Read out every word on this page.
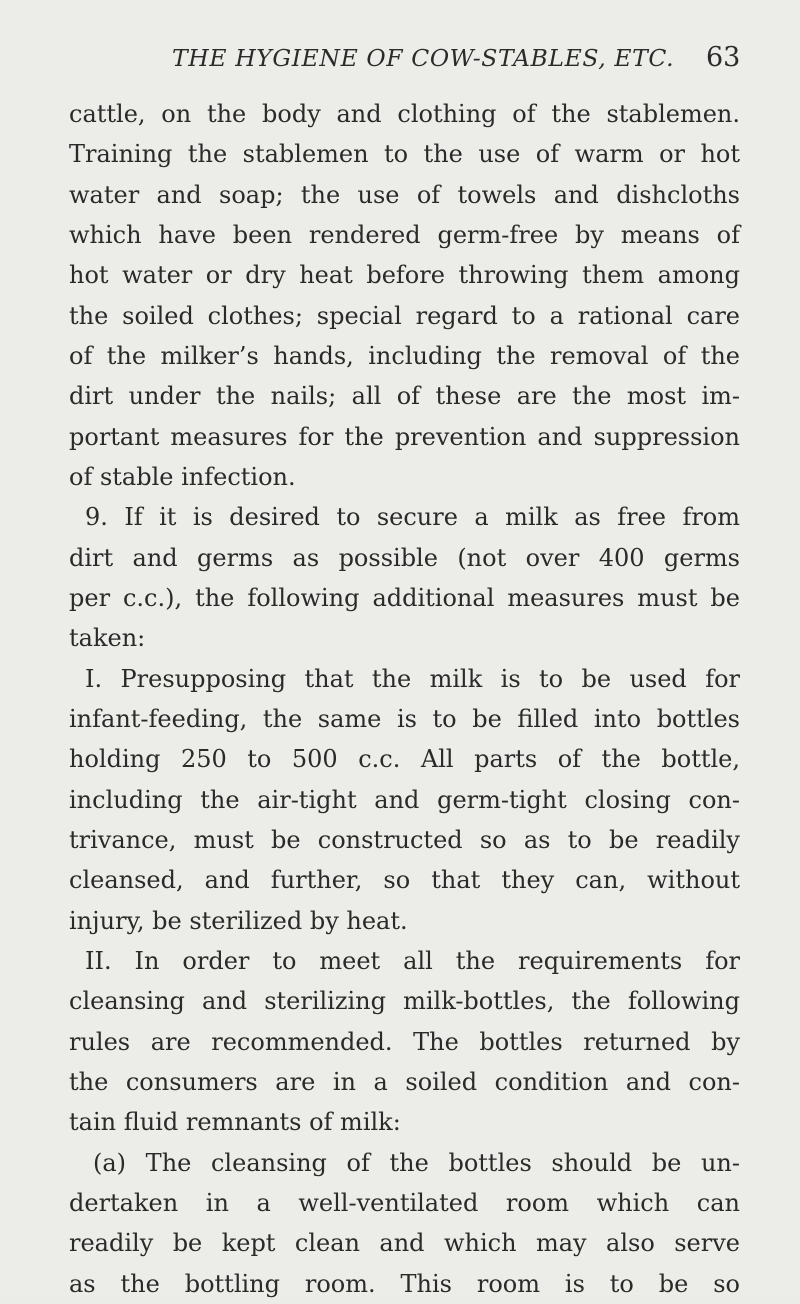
THE HYGIENE OF COW-STABLES, ETC. 63
cattle, on the body and clothing of the stablemen.
Training the stablemen to the use of warm or hot
water and soap; the use of towels and dishcloths
which have been rendered germ-free by means of
hot water or dry heat before throwing them among
the soiled clothes; special regard to a rational care
of the milker’s hands, including the removal of the
dirt under the nails; all of these are the most im-
portant measures for the prevention and suppression
of stable infection.
9. If it is desired to secure a milk as free from
dirt and germs as possible (not over 400 germs
per c.c.), the following additional measures must be
taken:
I. Presupposing that the milk is to be used for
infant-feeding, the same is to be filled into bottles
holding 250 to 500 c.c. All parts of the bottle,
including the air-tight and germ-tight closing con-
trivance, must be constructed so as to be readily
cleansed, and further, so that they can, without
injury, be sterilized by heat.
II. In order to meet all the requirements for
cleansing and sterilizing milk-bottles, the following
rules are recommended. The bottles returned by
the consumers are in a soiled condition and con-
tain fluid remnants of milk:
(a) The cleansing of the bottles should be un-
dertaken in a well-ventilated room which can
readily be kept clean and which may also serve
as the bottling room. This room is to be so
